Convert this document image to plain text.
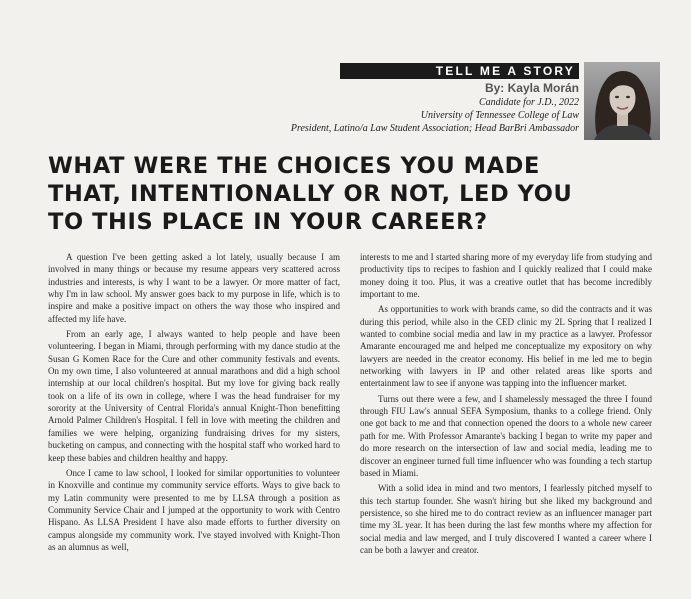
TELL ME A STORY
By: Kayla Morán
Candidate for J.D., 2022
University of Tennessee College of Law
President, Latino/a Law Student Association; Head BarBri Ambassador
WHAT WERE THE CHOICES YOU MADE
THAT, INTENTIONALLY OR NOT, LED YOU
TO THIS PLACE IN YOUR CAREER?

A question I've been getting asked a lot lately, usually because I am involved in many things or because my resume appears very scattered across industries and interests, is why I want to be a lawyer. Or more matter of fact, why I'm in law school. My answer goes back to my purpose in life, which is to inspire and make a positive impact on others the way those who inspired and affected my life have.

From an early age, I always wanted to help people and have been volunteering. I began in Miami, through performing with my dance studio at the Susan G Komen Race for the Cure and other community festivals and events. On my own time, I also volunteered at annual marathons and did a high school internship at our local children's hospital. But my love for giving back really took on a life of its own in college, where I was the head fundraiser for my sorority at the University of Central Florida's annual Knight-Thon benefitting Arnold Palmer Children's Hospital. I fell in love with meeting the children and families we were helping, organizing fundraising drives for my sisters, bucketing on campus, and connecting with the hospital staff who worked hard to keep these babies and children healthy and happy.

Once I came to law school, I looked for similar opportunities to volunteer in Knoxville and continue my community service efforts. Ways to give back to my Latin community were presented to me by LLSA through a position as Community Service Chair and I jumped at the opportunity to work with Centro Hispano. As LLSA President I have also made efforts to further diversity on campus alongside my community work. I've stayed involved with Knight-Thon as an alumnus as well,

interests to me and I started sharing more of my everyday life from studying and productivity tips to recipes to fashion and I quickly realized that I could make money doing it too. Plus, it was a creative outlet that has become incredibly important to me.

As opportunities to work with brands came, so did the contracts and it was during this period, while also in the CED clinic my 2L Spring that I realized I wanted to combine social media and law in my practice as a lawyer. Professor Amarante encouraged me and helped me conceptualize my expository on why lawyers are needed in the creator economy. His belief in me led me to begin networking with lawyers in IP and other related areas like sports and entertainment law to see if anyone was tapping into the influencer market.

Turns out there were a few, and I shamelessly messaged the three I found through FIU Law's annual SEFA Symposium, thanks to a college friend. Only one got back to me and that connection opened the doors to a whole new career path for me. With Professor Amarante's backing I began to write my paper and do more research on the intersection of law and social media, leading me to discover an engineer turned full time influencer who was founding a tech startup based in Miami.

With a solid idea in mind and two mentors, I fearlessly pitched myself to this tech startup founder. She wasn't hiring but she liked my background and persistence, so she hired me to do contract review as an influencer manager part time my 3L year. It has been during the last few months where my affection for social media and law merged, and I truly discovered I wanted a career where I can be both a lawyer and creator.
